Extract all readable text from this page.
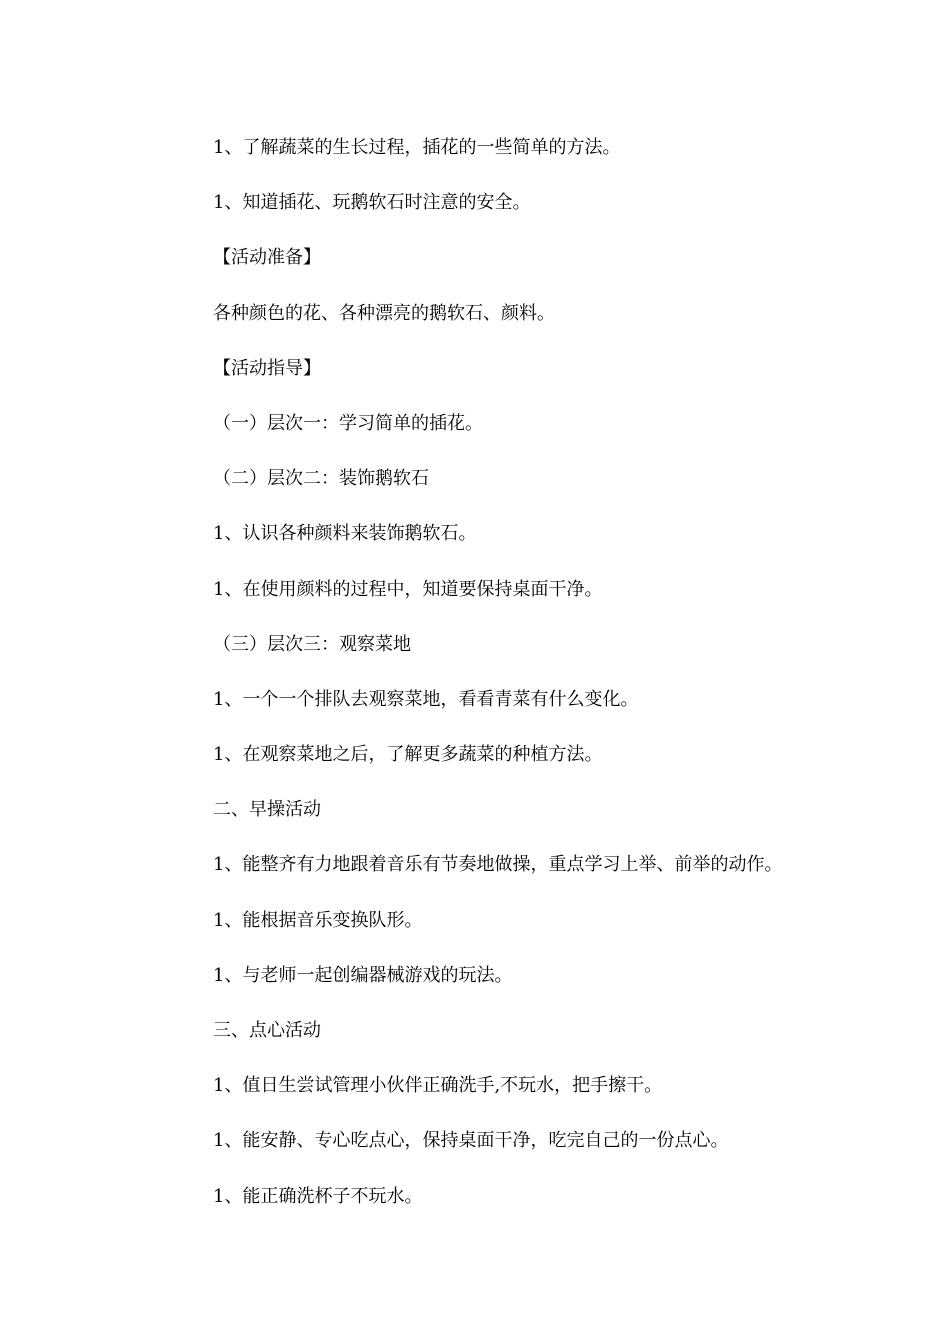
1、了解蔬菜的生长过程，插花的一些简单的方法。
1、知道插花、玩鹅软石时注意的安全。
【活动准备】
各种颜色的花、各种漂亮的鹅软石、颜料。
【活动指导】
（一）层次一：学习简单的插花。
（二）层次二：装饰鹅软石
1、认识各种颜料来装饰鹅软石。
1、在使用颜料的过程中，知道要保持桌面干净。
（三）层次三：观察菜地
1、一个一个排队去观察菜地，看看青菜有什么变化。
1、在观察菜地之后，了解更多蔬菜的种植方法。
二、早操活动
1、能整齐有力地跟着音乐有节奏地做操，重点学习上举、前举的动作。
1、能根据音乐变换队形。
1、与老师一起创编器械游戏的玩法。
三、点心活动
1、值日生尝试管理小伙伴正确洗手,不玩水，把手擦干。
1、能安静、专心吃点心，保持桌面干净，吃完自己的一份点心。
1、能正确洗杯子不玩水。
